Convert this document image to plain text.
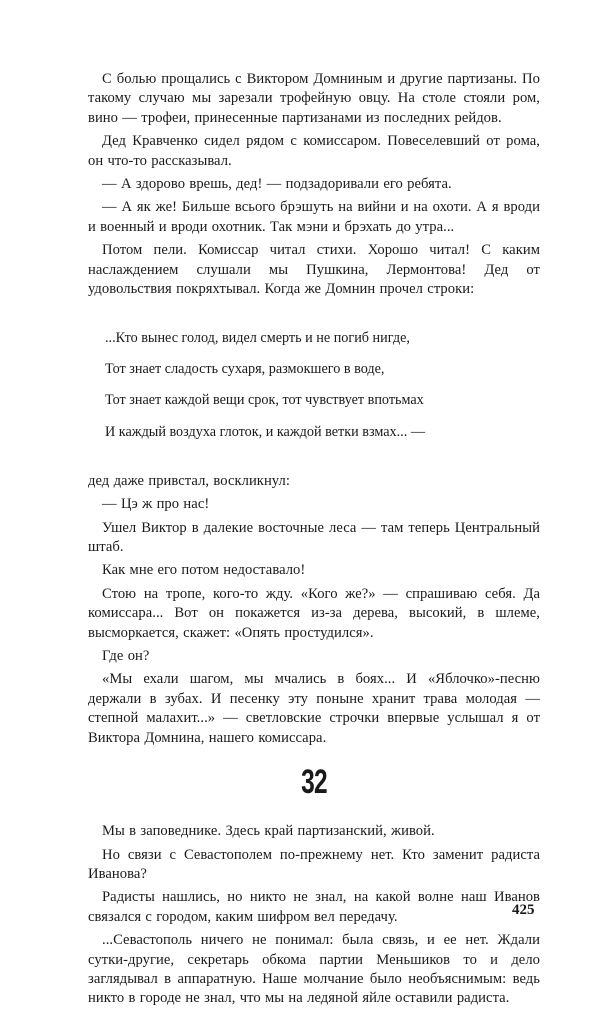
С болью прощались с Виктором Домниным и другие партизаны. По такому случаю мы зарезали трофейную овцу. На столе стояли ром, вино — трофеи, принесенные партизанами из последних рейдов.

Дед Кравченко сидел рядом с комиссаром. Повеселевший от рома, он что-то рассказывал.

— А здорово врешь, дед! — подзадоривали его ребята.

— А як же! Бильше всього брэшуть на вийни и на охоти. А я вроди и военный и вроди охотник. Так мэни и брэхать до утра...

Потом пели. Комиссар читал стихи. Хорошо читал! С каким наслаждением слушали мы Пушкина, Лермонтова! Дед от удовольствия покряхтывал. Когда же Домнин прочел строки:

...Кто вынес голод, видел смерть и не погиб нигде,

Тот знает сладость сухаря, размокшего в воде,

Тот знает каждой вещи срок, тот чувствует впотьмах

И каждый воздуха глоток, и каждой ветки взмах... —

дед даже привстал, воскликнул:

— Цэ ж про нас!

Ушел Виктор в далекие восточные леса — там теперь Центральный штаб.

Как мне его потом недоставало!

Стою на тропе, кого-то жду. «Кого же?» — спрашиваю себя. Да комиссара... Вот он покажется из-за дерева, высокий, в шлеме, высморкается, скажет: «Опять простудился».

Где он?

«Мы ехали шагом, мы мчались в боях... И «Яблочко»-песню держали в зубах. И песенку эту поныне хранит трава молодая — степной малахит...» — светловские строчки впервые услышал я от Виктора Домнина, нашего комиссара.

32

Мы в заповеднике. Здесь край партизанский, живой.

Но связи с Севастополем по-прежнему нет. Кто заменит радиста Иванова?

Радисты нашлись, но никто не знал, на какой волне наш Иванов связался с городом, каким шифром вел передачу.

...Севастополь ничего не понимал: была связь, и ее нет. Ждали сутки-другие, секретарь обкома партии Меньшиков то и дело заглядывал в аппаратную. Наше молчание было необъяснимым: ведь никто в городе не знал, что мы на ледяной яйле оставили радиста.

425
